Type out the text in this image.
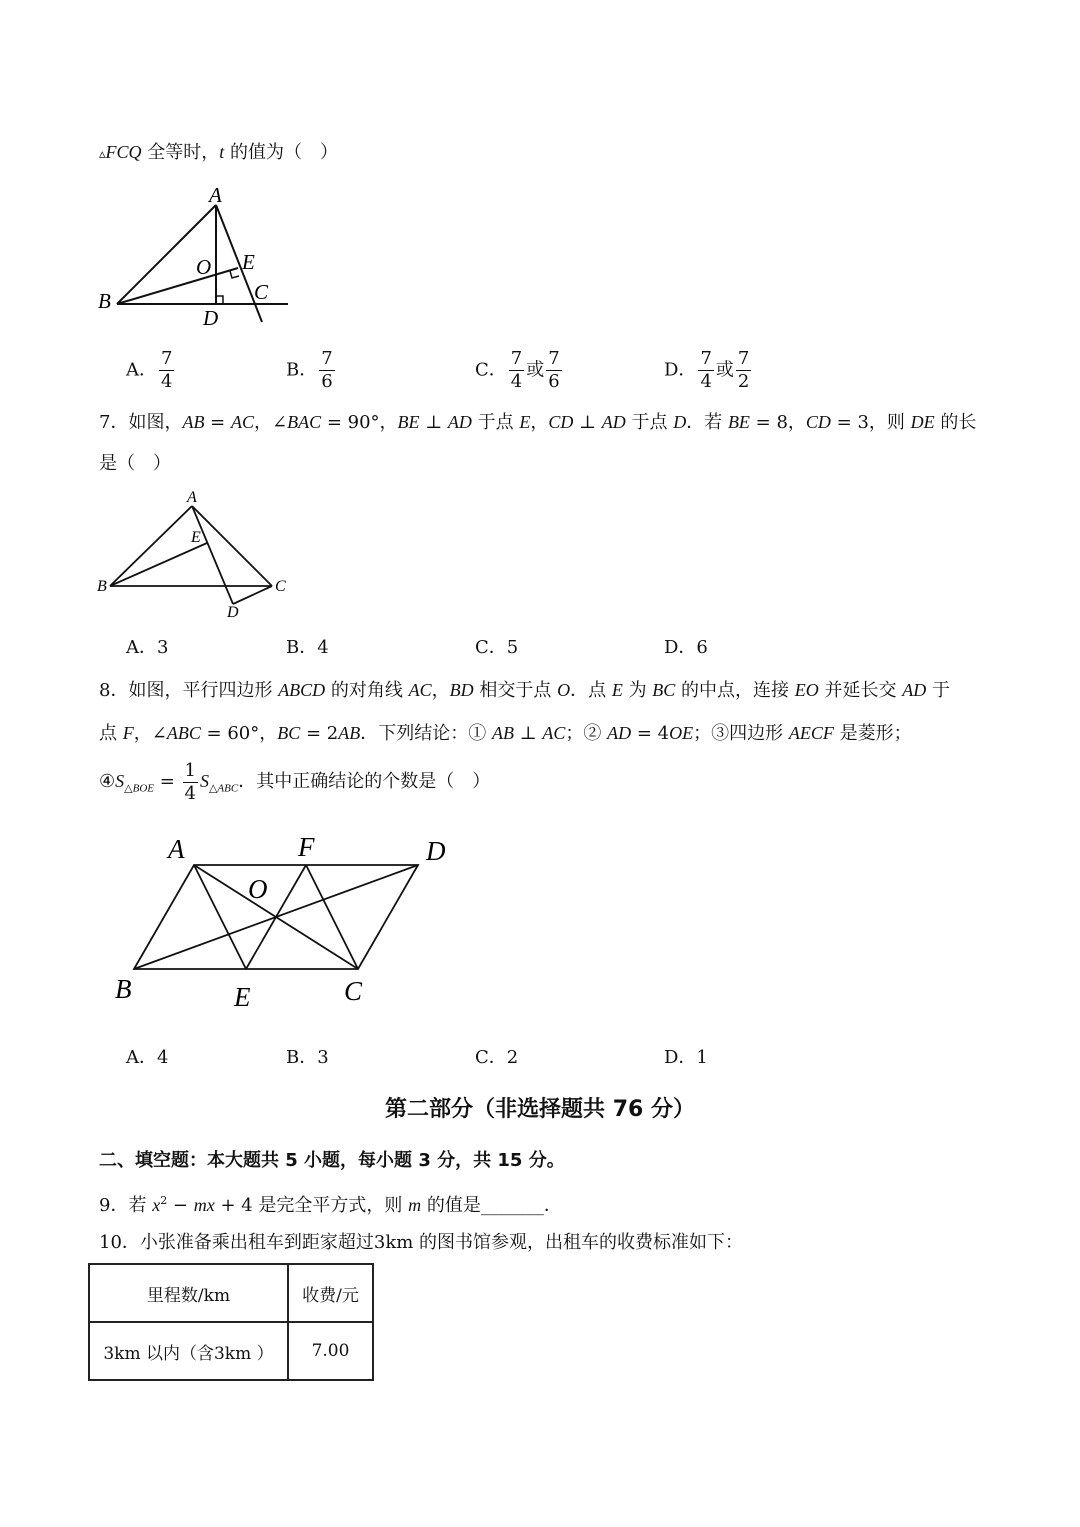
▵FCQ 全等时，t 的值为（　）
A
O E
B	C
D
A． $\frac{7}{4}$	B． $\frac{7}{6}$	C． $\frac{7}{4}$ 或 $\frac{7}{6}$	D． $\frac{7}{4}$ 或 $\frac{7}{2}$
7．如图，AB = AC，∠BAC = 90°，BE ⊥ AD 于点 E，CD ⊥ AD 于点 D．若 BE = 8，CD = 3，则 DE 的长
是（　）
A
E
B	C
D
A．3	B．4	C．5	D．6
8．如图，平行四边形 ABCD 的对角线 AC，BD 相交于点 O．点 E 为 BC 的中点，连接 EO 并延长交 AD 于
点 F，∠ABC = 60°，BC = 2AB．下列结论：① AB ⊥ AC；② AD = 4OE；③四边形 AECF 是菱形；
$④S_{\triangle BOE} = \frac{1}{4} S_{\triangle ABC}$．其中正确结论的个数是（　）
A	F	D
O
B	E	C
A．4	B．3	C．2	D．1
第二部分（非选择题共 76 分）
二、填空题：本大题共 5 小题，每小题 3 分，共 15 分。
9．若 $x^2$ − mx + 4 是完全平方式，则 m 的值是_______．
10．小张准备乘出租车到距家超过3km 的图书馆参观，出租车的收费标准如下：
里程数/km	收费/元
3km 以内（含3km ）	7.00
